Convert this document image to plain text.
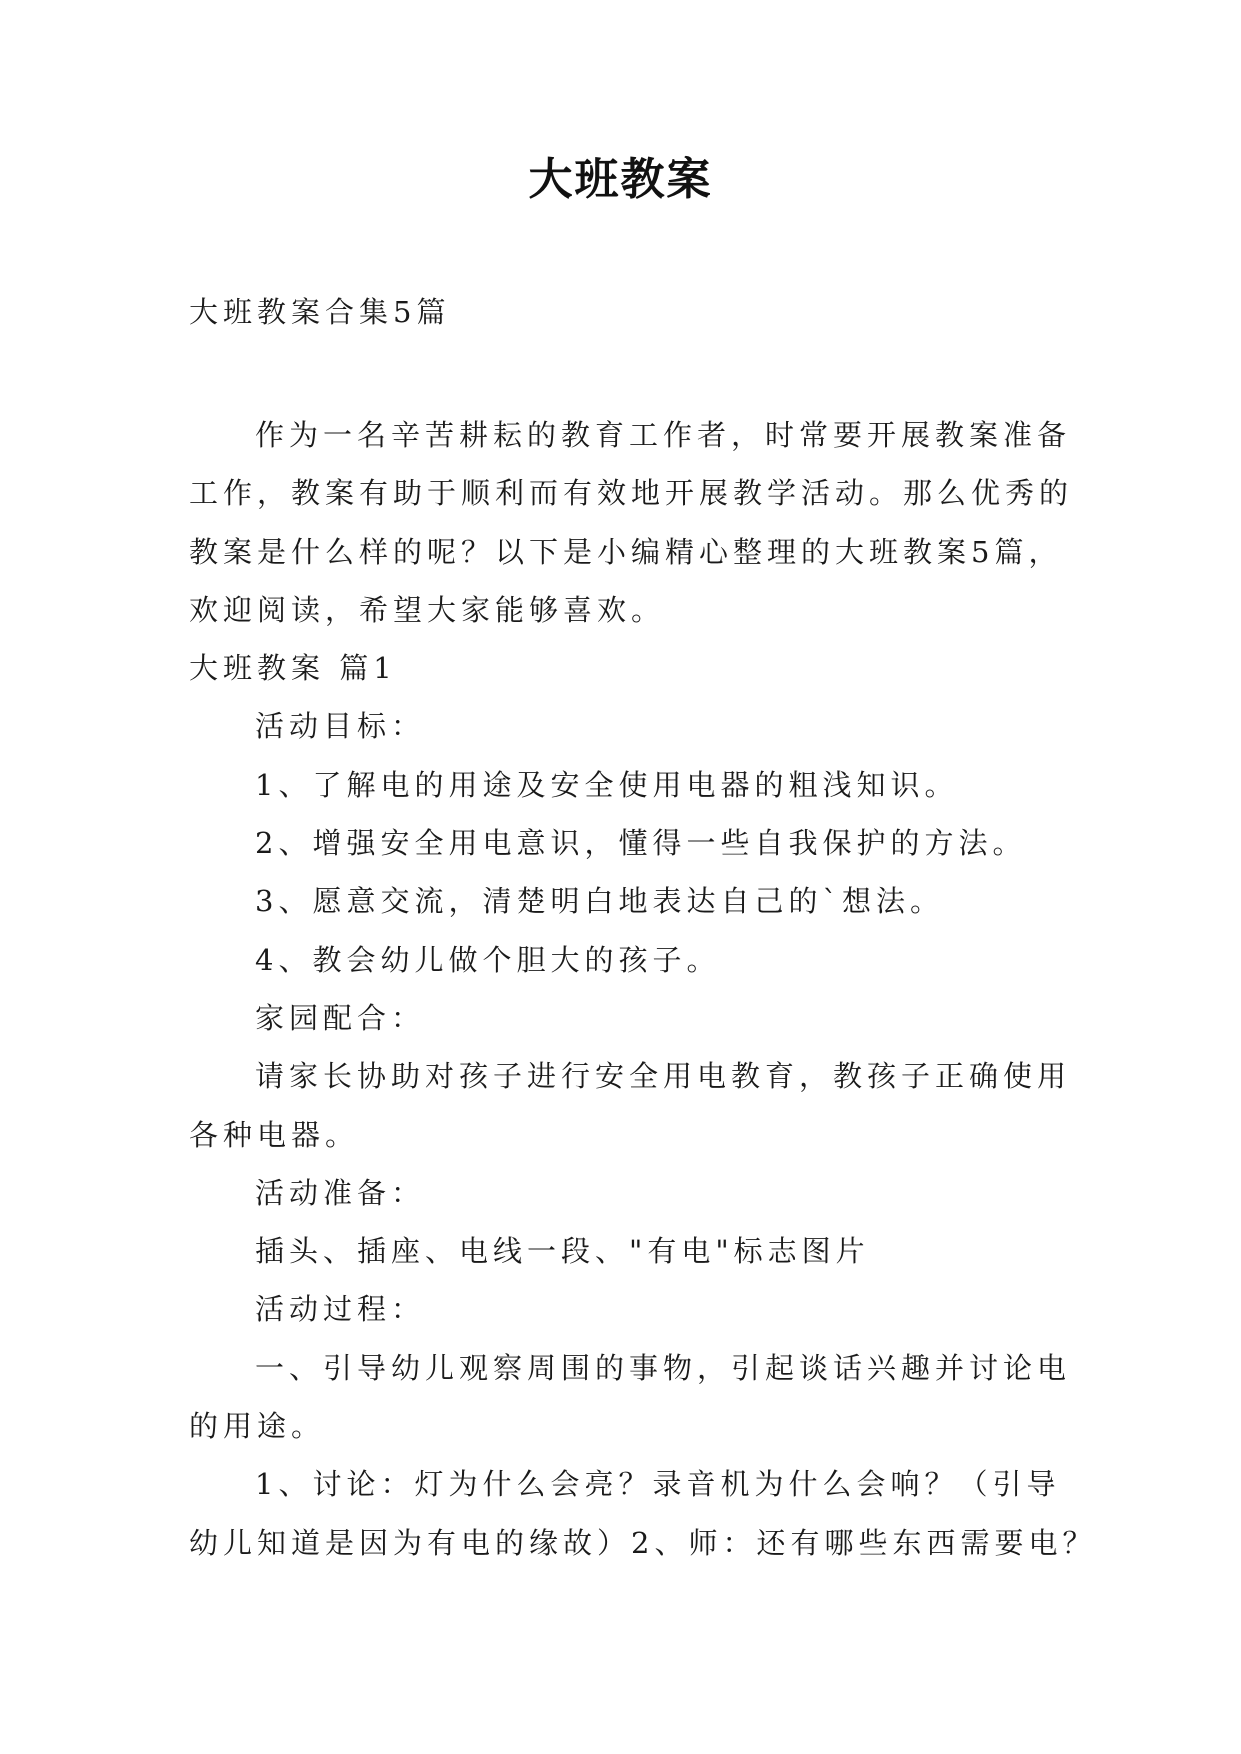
大班教案
大班教案合集5篇
作为一名辛苦耕耘的教育工作者，时常要开展教案准备
工作，教案有助于顺利而有效地开展教学活动。那么优秀的
教案是什么样的呢？以下是小编精心整理的大班教案5篇，
欢迎阅读，希望大家能够喜欢。
大班教案 篇1
活动目标：
1、了解电的用途及安全使用电器的粗浅知识。
2、增强安全用电意识，懂得一些自我保护的方法。
3、愿意交流，清楚明白地表达自己的`想法。
4、教会幼儿做个胆大的孩子。
家园配合：
请家长协助对孩子进行安全用电教育，教孩子正确使用
各种电器。
活动准备：
插头、插座、电线一段、"有电"标志图片
活动过程：
一、引导幼儿观察周围的事物，引起谈话兴趣并讨论电
的用途。
1、讨论：灯为什么会亮？录音机为什么会响？（引导
幼儿知道是因为有电的缘故）2、师：还有哪些东西需要电？
